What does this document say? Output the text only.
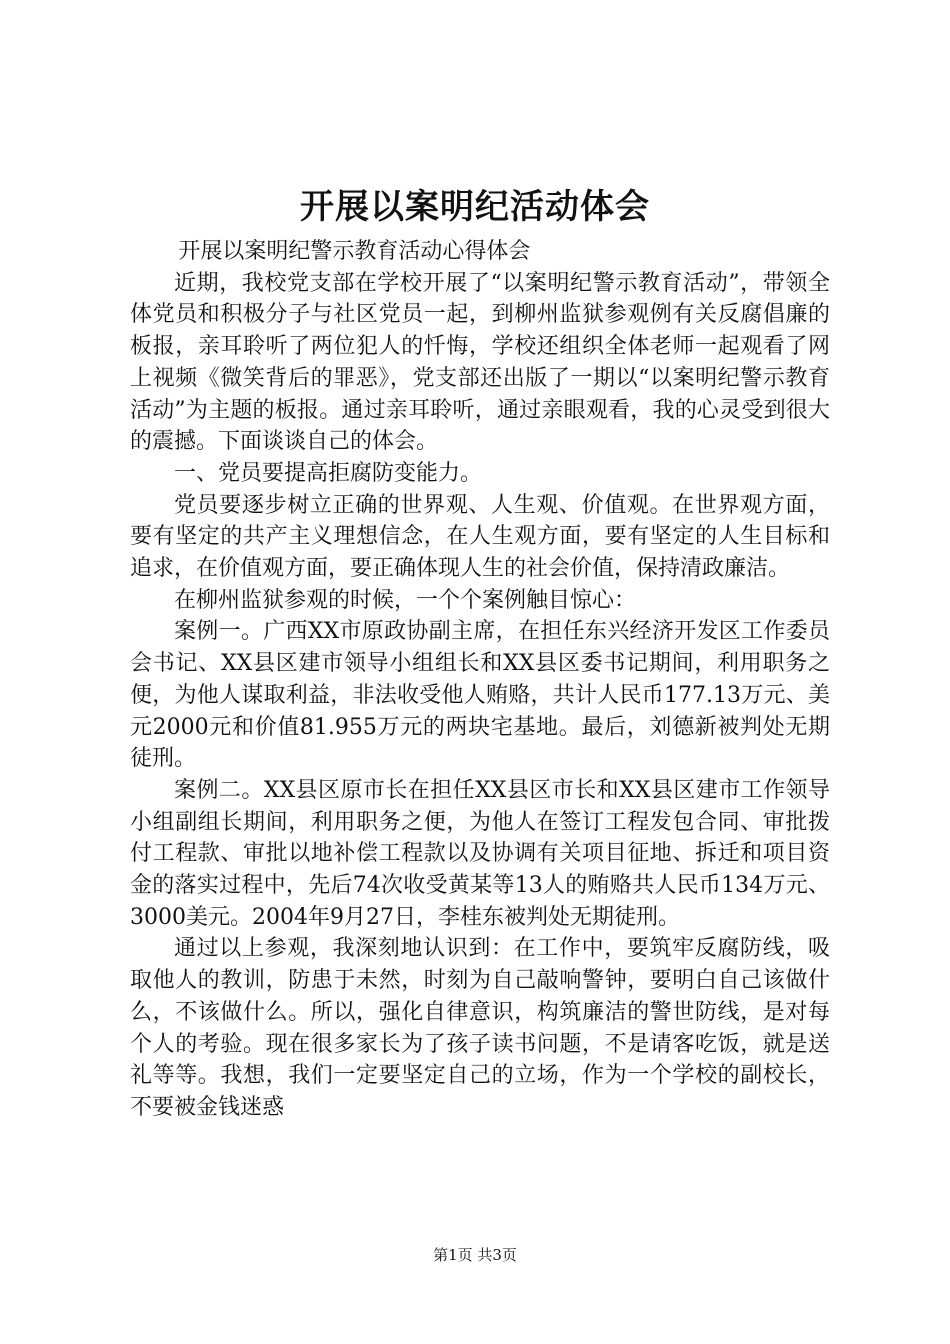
开展以案明纪活动体会

开展以案明纪警示教育活动心得体会

近期，我校党支部在学校开展了“以案明纪警示教育活动”，带领全体党员和积极分子与社区党员一起，到柳州监狱参观例有关反腐倡廉的板报，亲耳聆听了两位犯人的忏悔，学校还组织全体老师一起观看了网上视频《微笑背后的罪恶》，党支部还出版了一期以“以案明纪警示教育活动”为主题的板报。通过亲耳聆听，通过亲眼观看，我的心灵受到很大的震撼。下面谈谈自己的体会。

一、党员要提高拒腐防变能力。

党员要逐步树立正确的世界观、人生观、价值观。在世界观方面，要有坚定的共产主义理想信念，在人生观方面，要有坚定的人生目标和追求，在价值观方面，要正确体现人生的社会价值，保持清政廉洁。

在柳州监狱参观的时候，一个个案例触目惊心：

案例一。广西XX市原政协副主席，在担任东兴经济开发区工作委员会书记、XX县区建市领导小组组长和XX县区委书记期间，利用职务之便，为他人谋取利益，非法收受他人贿赂，共计人民币177.13万元、美元2000元和价值81.955万元的两块宅基地。最后，刘德新被判处无期徒刑。

案例二。XX县区原市长在担任XX县区市长和XX县区建市工作领导小组副组长期间，利用职务之便，为他人在签订工程发包合同、审批拨付工程款、审批以地补偿工程款以及协调有关项目征地、拆迁和项目资金的落实过程中，先后74次收受黄某等13人的贿赂共人民币134万元、3000美元。2004年9月27日，李桂东被判处无期徒刑。

通过以上参观，我深刻地认识到：在工作中，要筑牢反腐防线，吸取他人的教训，防患于未然，时刻为自己敲响警钟，要明白自己该做什么，不该做什么。所以，强化自律意识，构筑廉洁的警世防线，是对每个人的考验。现在很多家长为了孩子读书问题，不是请客吃饭，就是送礼等等。我想，我们一定要坚定自己的立场，作为一个学校的副校长，不要被金钱迷惑

第1页 共3页
